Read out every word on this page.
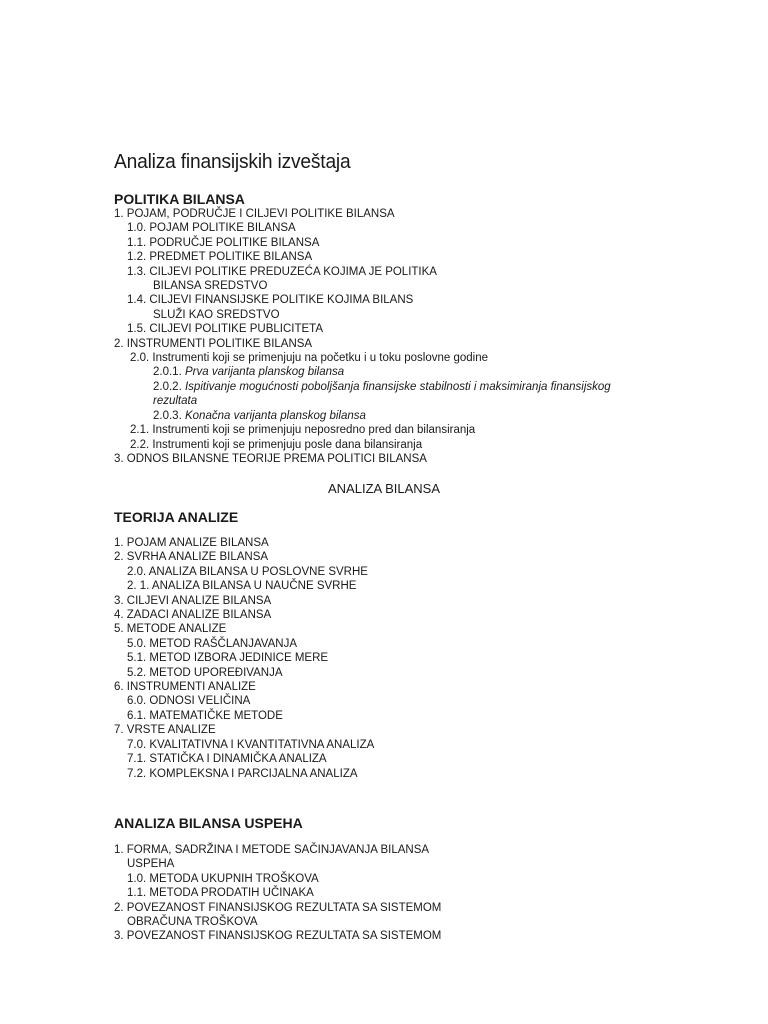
Analiza finansijskih izveštaja
POLITIKA BILANSA
1. POJAM, PODRUČJE I CILJEVI POLITIKE BILANSA
1.0. POJAM POLITIKE BILANSA
1.1. PODRUČJE POLITIKE BILANSA
1.2. PREDMET POLITIKE BILANSA
1.3. CILJEVI POLITIKE PREDUZEĆA KOJIMA JE POLITIKA
BILANSA SREDSTVO
1.4. CILJEVI FINANSIJSKE POLITIKE KOJIMA BILANS
SLUŽI KAO SREDSTVO
1.5. CILJEVI POLITIKE PUBLICITETA
2. INSTRUMENTI POLITIKE BILANSA
2.0. Instrumenti koji se primenjuju na početku i u toku poslovne godine
2.0.1. Prva varijanta planskog bilansa
2.0.2. Ispitivanje mogućnosti poboljšanja finansijske stabilnosti i maksimiranja finansijskog
rezultata
2.0.3. Konačna varijanta planskog bilansa
2.1. Instrumenti koji se primenjuju neposredno pred dan bilansiranja
2.2. Instrumenti koji se primenjuju posle dana bilansiranja
3. ODNOS BILANSNE TEORIJE PREMA POLITICI BILANSA
ANALIZA BILANSA
TEORIJA ANALIZE
1. POJAM ANALIZE BILANSA
2. SVRHA ANALIZE BILANSA
2.0. ANALIZA BILANSA U POSLOVNE SVRHE
2. 1. ANALIZA BILANSA U NAUČNE SVRHE
3. CILJEVI ANALIZE BILANSA
4. ZADACI ANALIZE BILANSA
5. METODE ANALIZE
5.0. METOD RAŠČLANJAVANJA
5.1. METOD IZBORA JEDINICE MERE
5.2. METOD UPOREĐIVANJA
6. INSTRUMENTI ANALIZE
6.0. ODNOSI VELIČINA
6.1. MATEMATIČKE METODE
7. VRSTE ANALIZE
7.0. KVALITATIVNA I KVANTITATIVNA ANALIZA
7.1. STATIČKA I DINAMIČKA ANALIZA
7.2. KOMPLEKSNA I PARCIJALNA ANALIZA
ANALIZA BILANSA USPEHA
1. FORMA, SADRŽINA I METODE SAČINJAVANJA BILANSA
USPEHA
1.0. METODA UKUPNIH TROŠKOVA
1.1. METODA PRODATIH UČINAKA
2. POVEZANOST FINANSIJSKOG REZULTATA SA SISTEMOM
OBRAČUNA TROŠKOVA
3. POVEZANOST FINANSIJSKOG REZULTATA SA SISTEMOM
